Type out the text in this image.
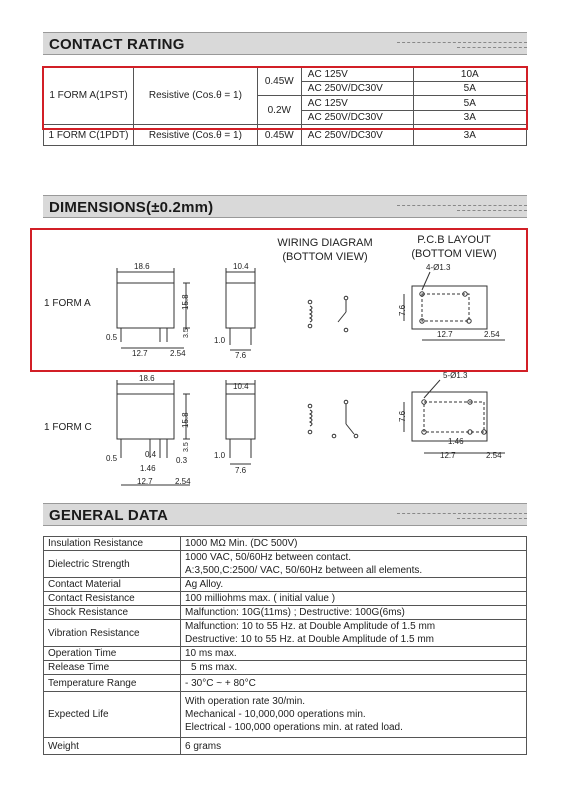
CONTACT RATING
1 FORM A(1PST)	Resistive (Cos.θ = 1)	0.45W	AC 125V	10A
			AC 250V/DC30V	5A
		0.2W	AC 125V	5A
			AC 250V/DC30V	3A
1 FORM C(1PDT)	Resistive (Cos.θ = 1)	0.45W	AC 250V/DC30V	3A
DIMENSIONS(±0.2mm)
WIRING DIAGRAM
(BOTTOM VIEW)
P.C.B LAYOUT
(BOTTOM VIEW)
1 FORM A
1 FORM C
18.6
15.8
3.5
0.5
12.7	2.54
10.4
1.0
7.6
4-Ø1.3
7.6
12.7	2.54
18.6
15.8
3.5
0.5	0.4
0.3
1.46
12.7	2.54
10.4
1.0
7.6
5-Ø1.3
7.6
1.46
12.7	2.54
GENERAL DATA
Insulation Resistance	1000 MΩ Min. (DC 500V)
Dielectric Strength	1000 VAC, 50/60Hz between contact.
A:3,500,C:2500/ VAC, 50/60Hz between all elements.

Contact Material	Ag Alloy.
Contact Resistance	100 milliohms max. ( initial value )
Shock Resistance	Malfunction: 10G(11ms) ; Destructive: 100G(6ms)
Vibration Resistance	Malfunction: 10 to 55 Hz. at Double Amplitude of 1.5 mm
Destructive: 10 to 55 Hz. at Double Amplitude of 1.5 mm

Operation Time	10 ms max.
Release Time	5 ms max.
Temperature Range	- 30°C ~ + 80°C
Expected Life	With operation rate 30/min.
Mechanical - 10,000,000 operations min.
Electrical - 100,000 operations min. at rated load.

Weight	6 grams
